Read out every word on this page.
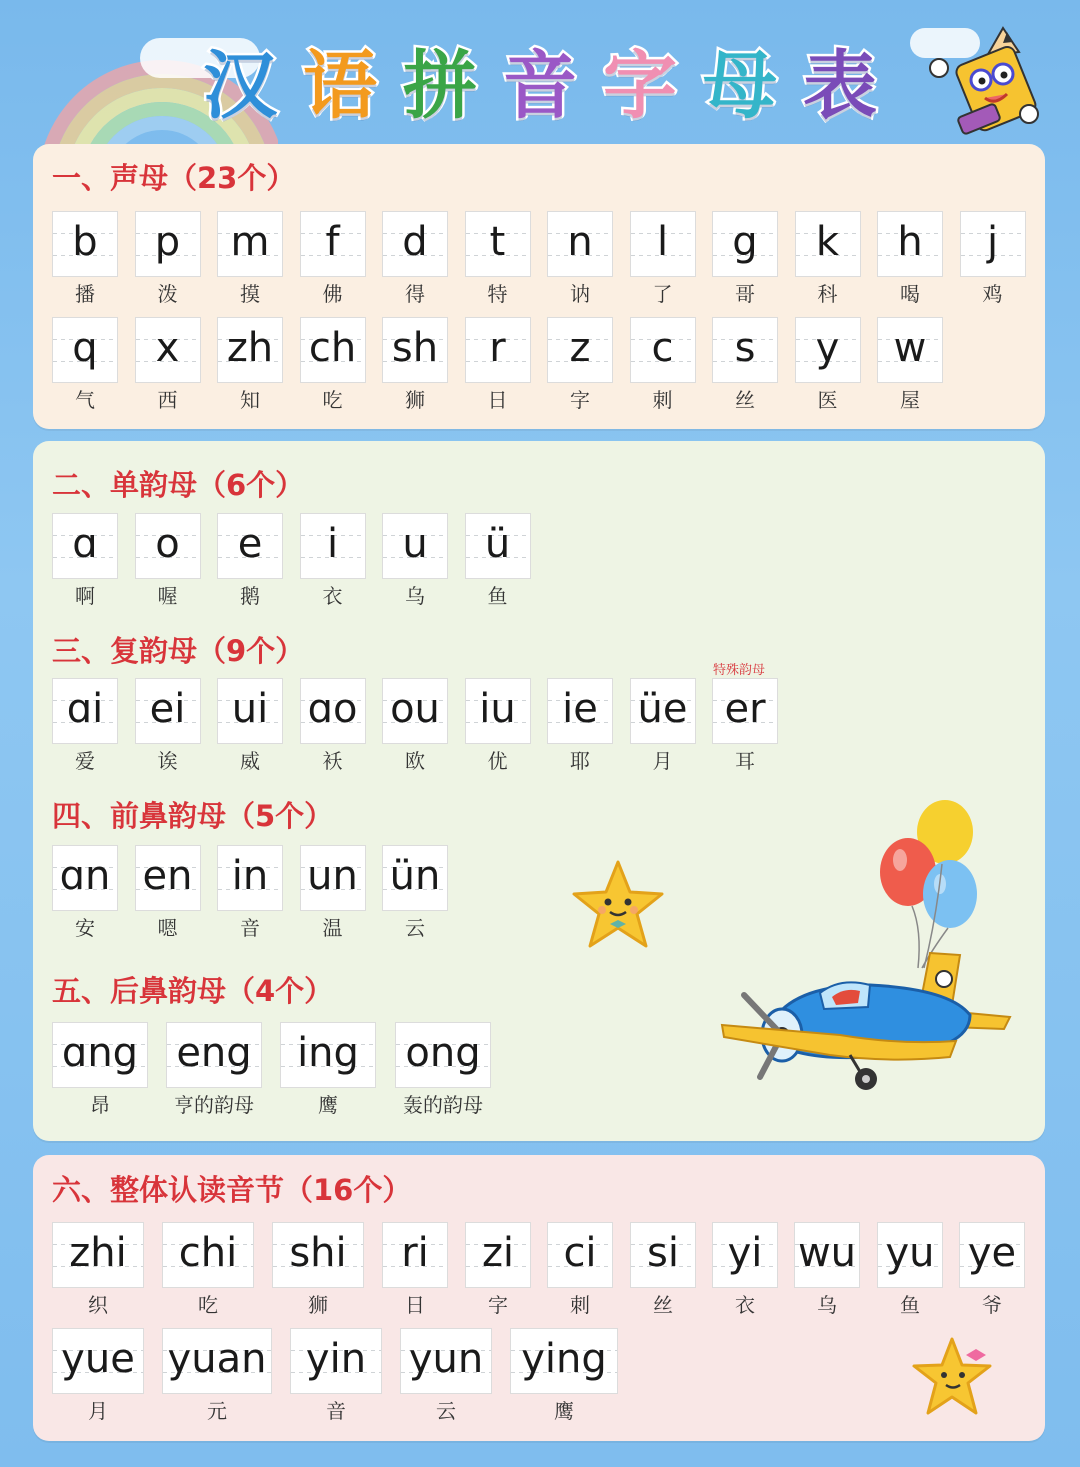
汉 语 拼 音 字 母 表
一、声母（23个）
二、单韵母（6个）
三、复韵母（9个）
四、前鼻韵母（5个）
五、后鼻韵母（4个）
六、整体认读音节（16个）
特殊韵母
b
播
p
泼
m
摸
f
佛
d
得
t
特
n
讷
l
了
g
哥
k
科
h
喝
j
鸡
q
气
x
西
zh
知
ch
吃
sh
狮
r
日
z
字
c
刺
s
丝
y
医
w
屋
ɑ
啊
o
喔
e
鹅
i
衣
u
乌
ü
鱼
ɑi
爱
ei
诶
ui
威
ɑo
袄
ou
欧
iu
优
ie
耶
üe
月
er
耳
ɑn
安
en
嗯
in
音
un
温
ün
云
ɑng
昂
eng
亨的韵母
ing
鹰
ong
轰的韵母
zhi
织
chi
吃
shi
狮
ri
日
zi
字
ci
刺
si
丝
yi
衣
wu
乌
yu
鱼
ye
爷
yue
月
yuan
元
yin
音
yun
云
ying
鹰
